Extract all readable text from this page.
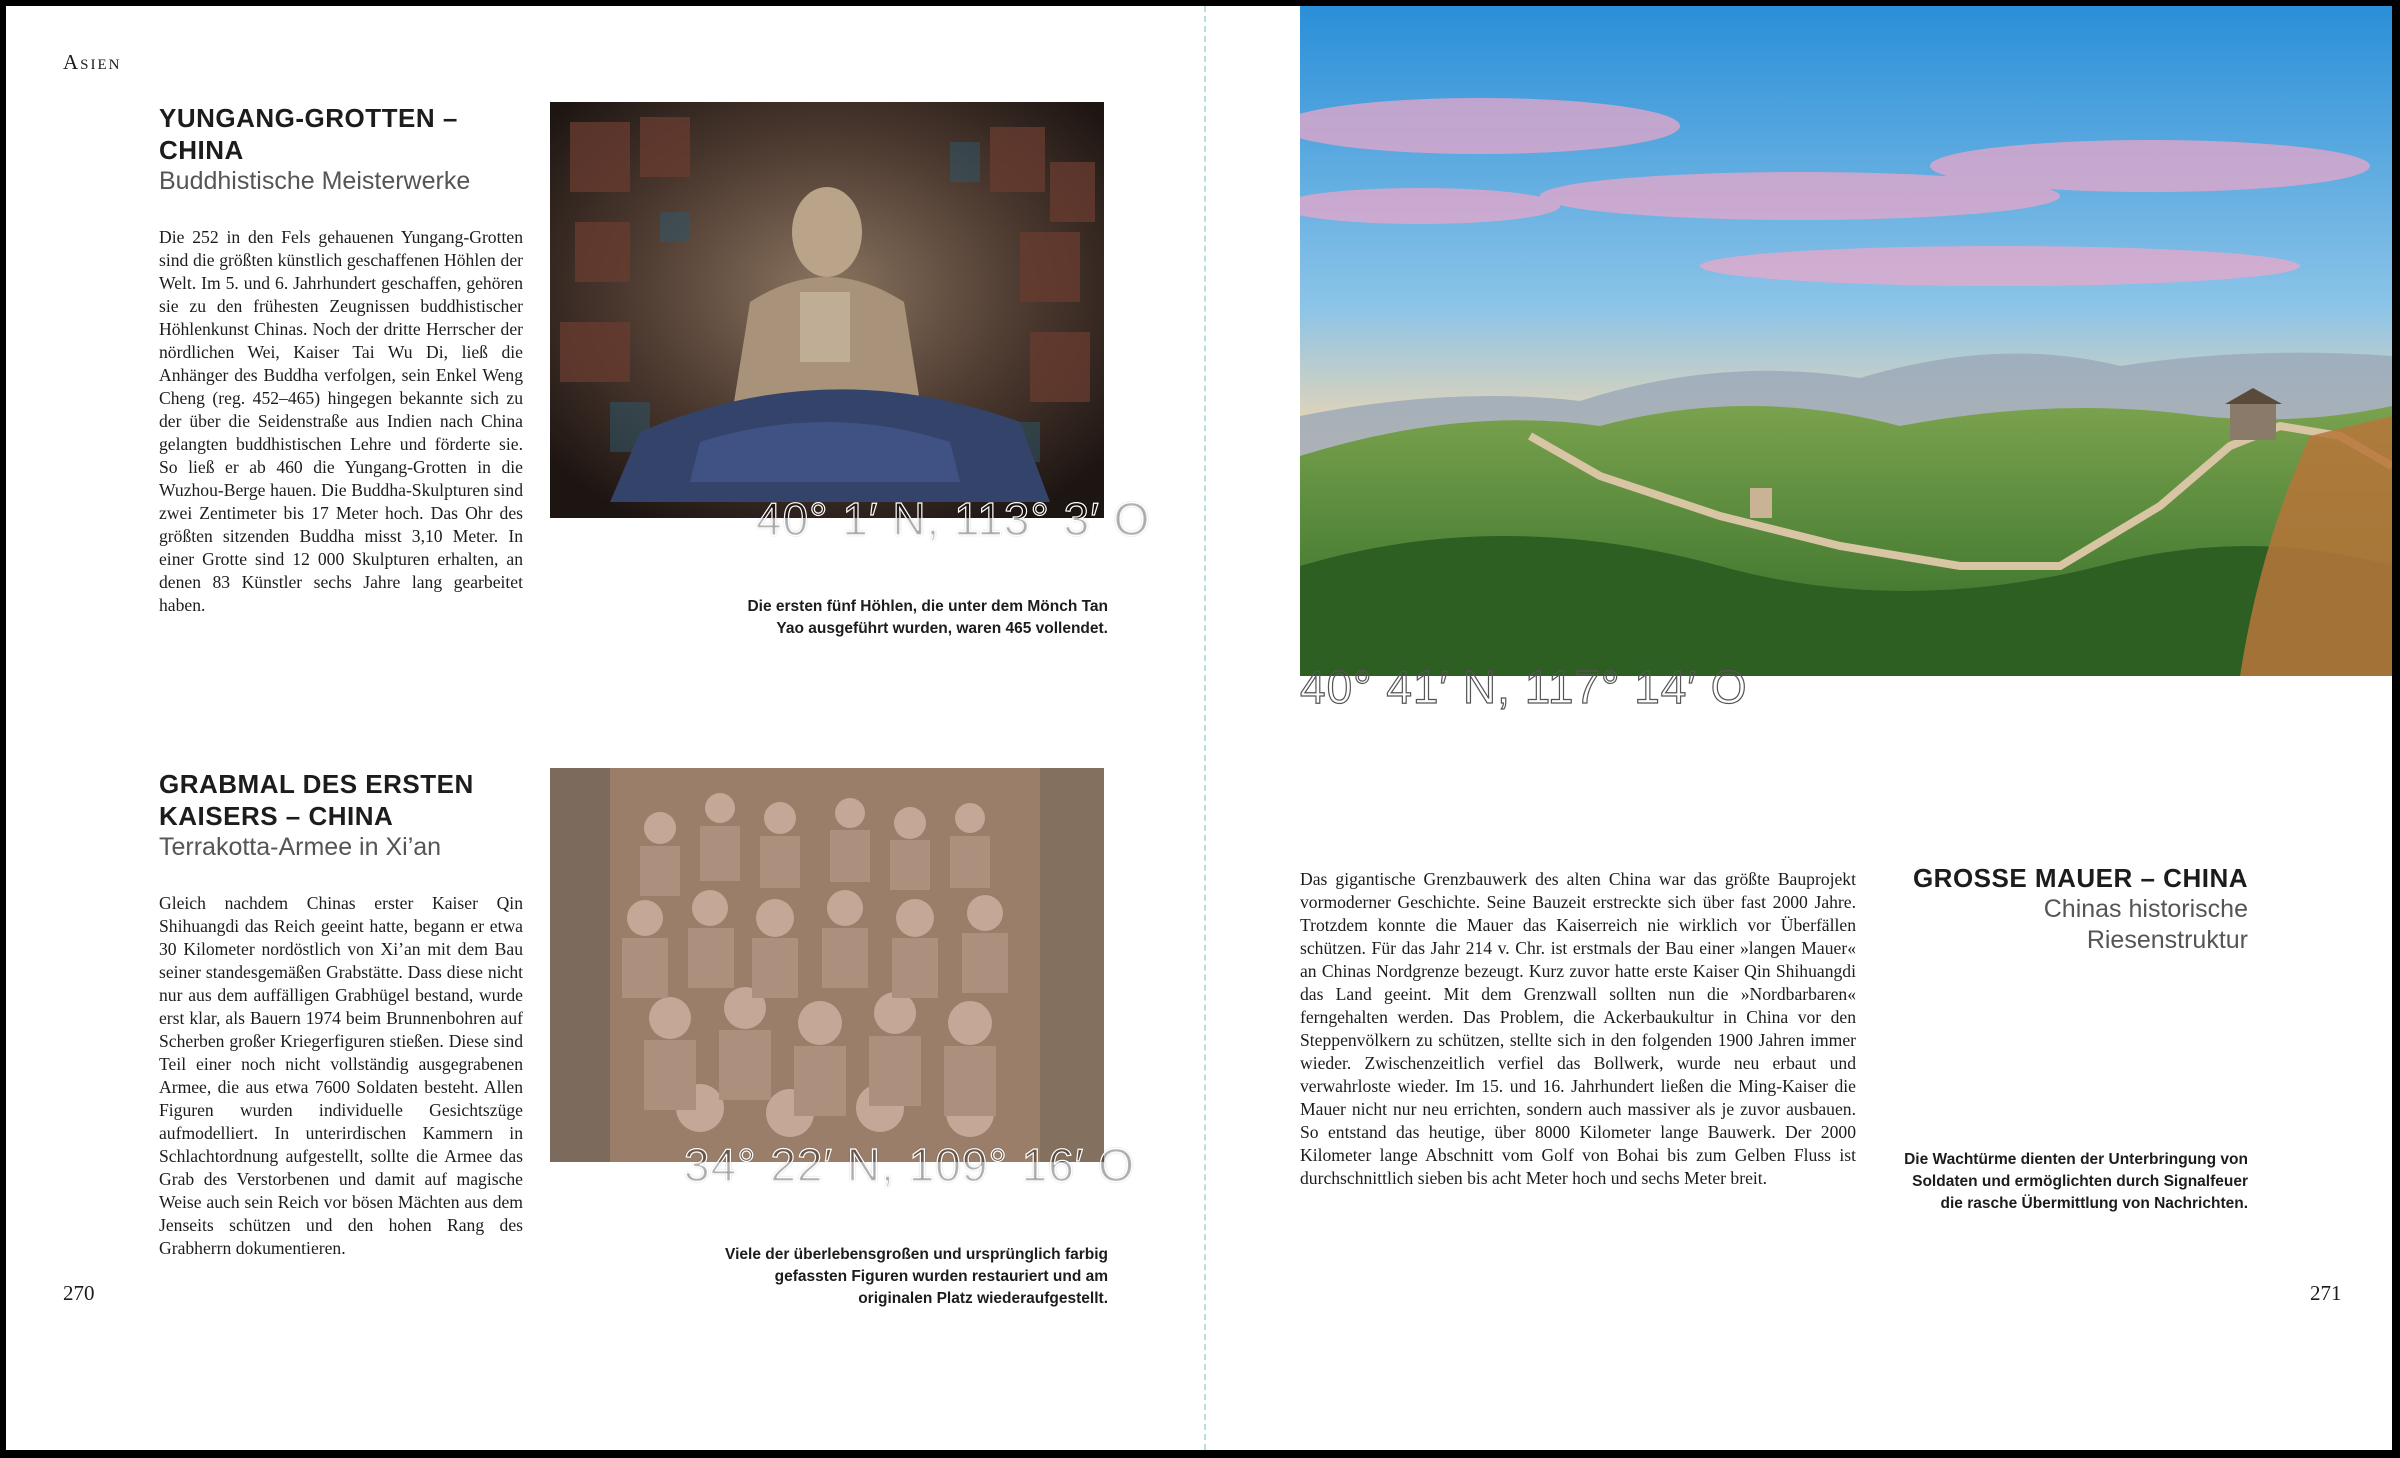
Asien
YUNGANG-GROTTEN – CHINA
Buddhistische Meisterwerke

Die 252 in den Fels gehauenen Yungang-Grotten sind die größten künstlich geschaffenen Höhlen der Welt. Im 5. und 6. Jahrhundert geschaffen, gehören sie zu den frühesten Zeugnissen buddhistischer Höhlenkunst Chinas. Noch der dritte Herrscher der nördlichen Wei, Kaiser Tai Wu Di, ließ die Anhänger des Buddha verfolgen, sein Enkel Weng Cheng (reg. 452–465) hingegen bekannte sich zu der über die Seidenstraße aus Indien nach China gelangten buddhistischen Lehre und förderte sie. So ließ er ab 460 die Yungang-Grotten in die Wuzhou-Berge hauen. Die Buddha-Skulpturen sind zwei Zentimeter bis 17 Meter hoch. Das Ohr des größten sitzenden Buddha misst 3,10 Meter. In einer Grotte sind 12 000 Skulpturen erhalten, an denen 83 Künstler sechs Jahre lang gearbeitet haben.

40° 1′ N, 113° 3′ O

Die ersten fünf Höhlen, die unter dem Mönch Tan Yao ausgeführt wurden, waren 465 vollendet.

GRABMAL DES ERSTEN KAISERS – CHINA
Terrakotta-Armee in Xi’an

Gleich nachdem Chinas erster Kaiser Qin Shihuangdi das Reich geeint hatte, begann er etwa 30 Kilometer nordöstlich von Xi’an mit dem Bau seiner standesgemäßen Grabstätte. Dass diese nicht nur aus dem auffälligen Grabhügel bestand, wurde erst klar, als Bauern 1974 beim Brunnenbohren auf Scherben großer Kriegerfiguren stießen. Diese sind Teil einer noch nicht vollständig ausgegrabenen Armee, die aus etwa 7600 Soldaten besteht. Allen Figuren wurden individuelle Gesichtszüge aufmodelliert. In unterirdischen Kammern in Schlachtordnung aufgestellt, sollte die Armee das Grab des Verstorbenen und damit auf magische Weise auch sein Reich vor bösen Mächten aus dem Jenseits schützen und den hohen Rang des Grabherrn dokumentieren.

34° 22′ N, 109° 16′ O

Viele der überlebensgroßen und ursprünglich farbig gefassten Figuren wurden restauriert und am originalen Platz wiederaufgestellt.

270
40° 41′ N, 117° 14′ O

Das gigantische Grenzbauwerk des alten China war das größte Bauprojekt vormoderner Geschichte. Seine Bauzeit erstreckte sich über fast 2000 Jahre. Trotzdem konnte die Mauer das Kaiserreich nie wirklich vor Überfällen schützen. Für das Jahr 214 v. Chr. ist erstmals der Bau einer »langen Mauer« an Chinas Nordgrenze bezeugt. Kurz zuvor hatte erste Kaiser Qin Shihuangdi das Land geeint. Mit dem Grenzwall sollten nun die »Nordbarbaren« ferngehalten werden. Das Problem, die Ackerbaukultur in China vor den Steppenvölkern zu schützen, stellte sich in den folgenden 1900 Jahren immer wieder. Zwischenzeitlich verfiel das Bollwerk, wurde neu erbaut und verwahrloste wieder. Im 15. und 16. Jahrhundert ließen die Ming-Kaiser die Mauer nicht nur neu errichten, sondern auch massiver als je zuvor ausbauen. So entstand das heutige, über 8000 Kilometer lange Bauwerk. Der 2000 Kilometer lange Abschnitt vom Golf von Bohai bis zum Gelben Fluss ist durchschnittlich sieben bis acht Meter hoch und sechs Meter breit.

GROSSE MAUER – CHINA
Chinas historische Riesenstruktur

Die Wachtürme dienten der Unterbringung von Soldaten und ermöglichten durch Signalfeuer die rasche Übermittlung von Nachrichten.

271
